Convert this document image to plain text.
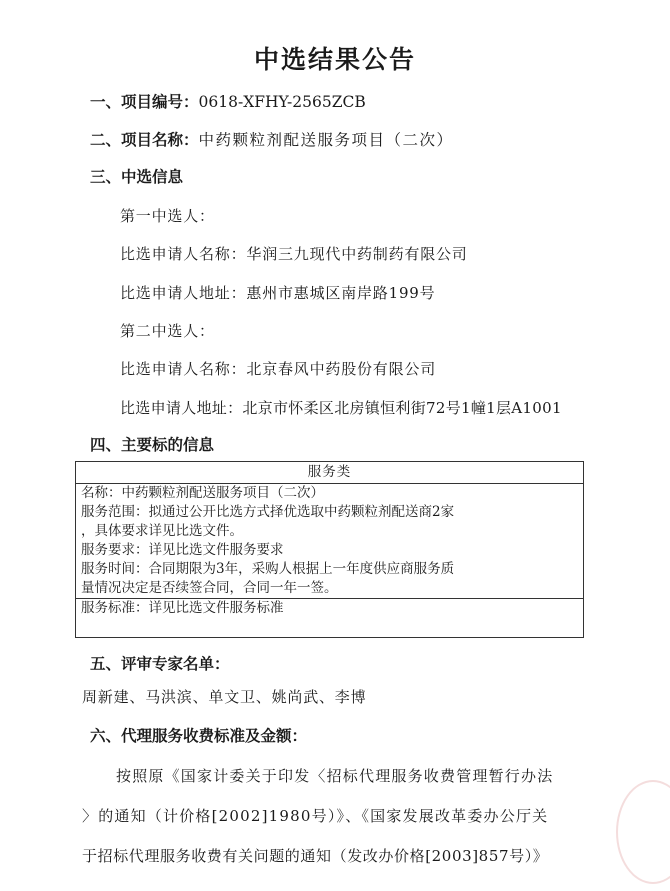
中选结果公告
一、项目编号：0618-XFHY-2565ZCB
二、项目名称：中药颗粒剂配送服务项目（二次）
三、中选信息
第一中选人：
比选申请人名称：华润三九现代中药制药有限公司
比选申请人地址：惠州市惠城区南岸路199号
第二中选人：
比选申请人名称：北京春风中药股份有限公司
比选申请人地址：北京市怀柔区北房镇恒利街72号1幢1层A1001
四、主要标的信息
服务类
名称：中药颗粒剂配送服务项目（二次）
服务范围：拟通过公开比选方式择优选取中药颗粒剂配送商2家
，具体要求详见比选文件。
服务要求：详见比选文件服务要求
服务时间：合同期限为3年，采购人根据上一年度供应商服务质
量情况决定是否续签合同，合同一年一签。
服务标准：详见比选文件服务标准
五、评审专家名单：
周新建、马洪滨、单文卫、姚尚武、李博
六、代理服务收费标准及金额：
按照原《国家计委关于印发〈招标代理服务收费管理暂行办法
〉的通知（计价格[2002]1980号）》、《国家发展改革委办公厅关
于招标代理服务收费有关问题的通知（发改办价格[2003]857号）》
